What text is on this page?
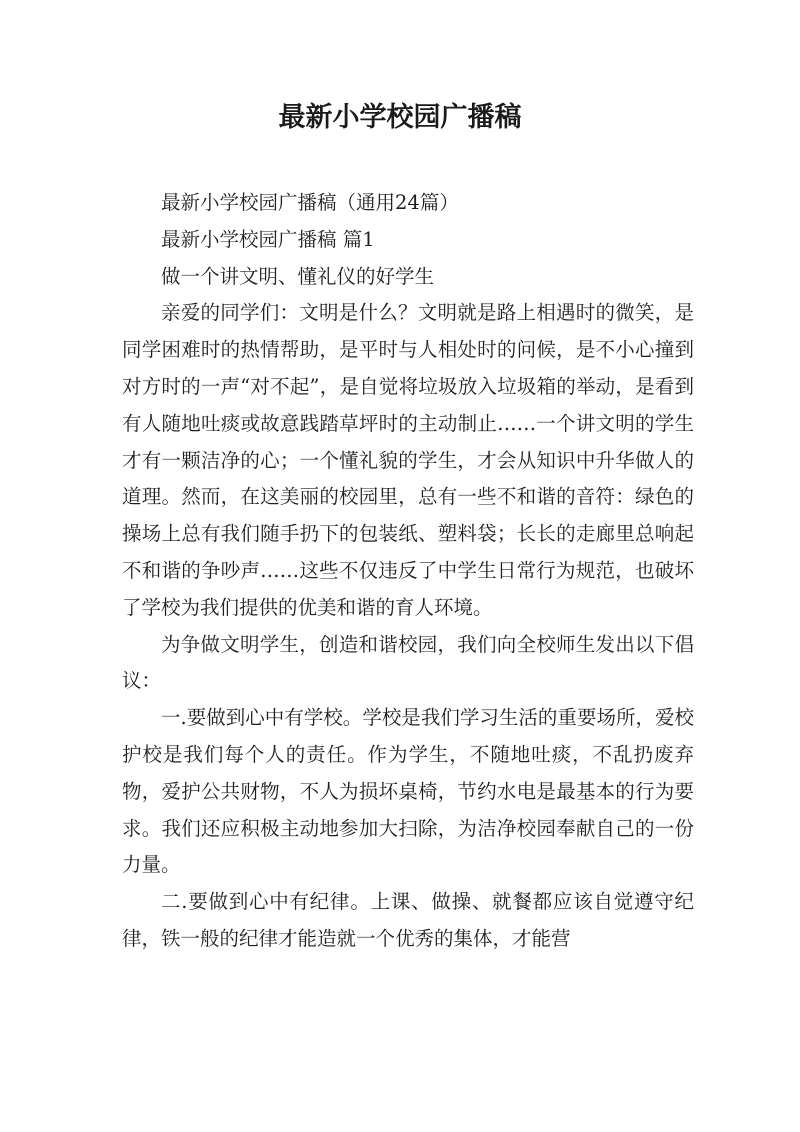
最新小学校园广播稿

最新小学校园广播稿（通用24篇）

最新小学校园广播稿 篇1

做一个讲文明、懂礼仪的好学生

亲爱的同学们：文明是什么？文明就是路上相遇时的微笑，是同学困难时的热情帮助，是平时与人相处时的问候，是不小心撞到对方时的一声“对不起”，是自觉将垃圾放入垃圾箱的举动，是看到有人随地吐痰或故意践踏草坪时的主动制止……一个讲文明的学生才有一颗洁净的心；一个懂礼貌的学生，才会从知识中升华做人的道理。然而，在这美丽的校园里，总有一些不和谐的音符：绿色的操场上总有我们随手扔下的包装纸、塑料袋；长长的走廊里总响起不和谐的争吵声……这些不仅违反了中学生日常行为规范，也破坏了学校为我们提供的优美和谐的育人环境。

为争做文明学生，创造和谐校园，我们向全校师生发出以下倡议：

一.要做到心中有学校。学校是我们学习生活的重要场所，爱校护校是我们每个人的责任。作为学生，不随地吐痰，不乱扔废弃物，爱护公共财物，不人为损坏桌椅，节约水电是最基本的行为要求。我们还应积极主动地参加大扫除，为洁净校园奉献自己的一份力量。

二.要做到心中有纪律。上课、做操、就餐都应该自觉遵守纪律，铁一般的纪律才能造就一个优秀的集体，才能营
